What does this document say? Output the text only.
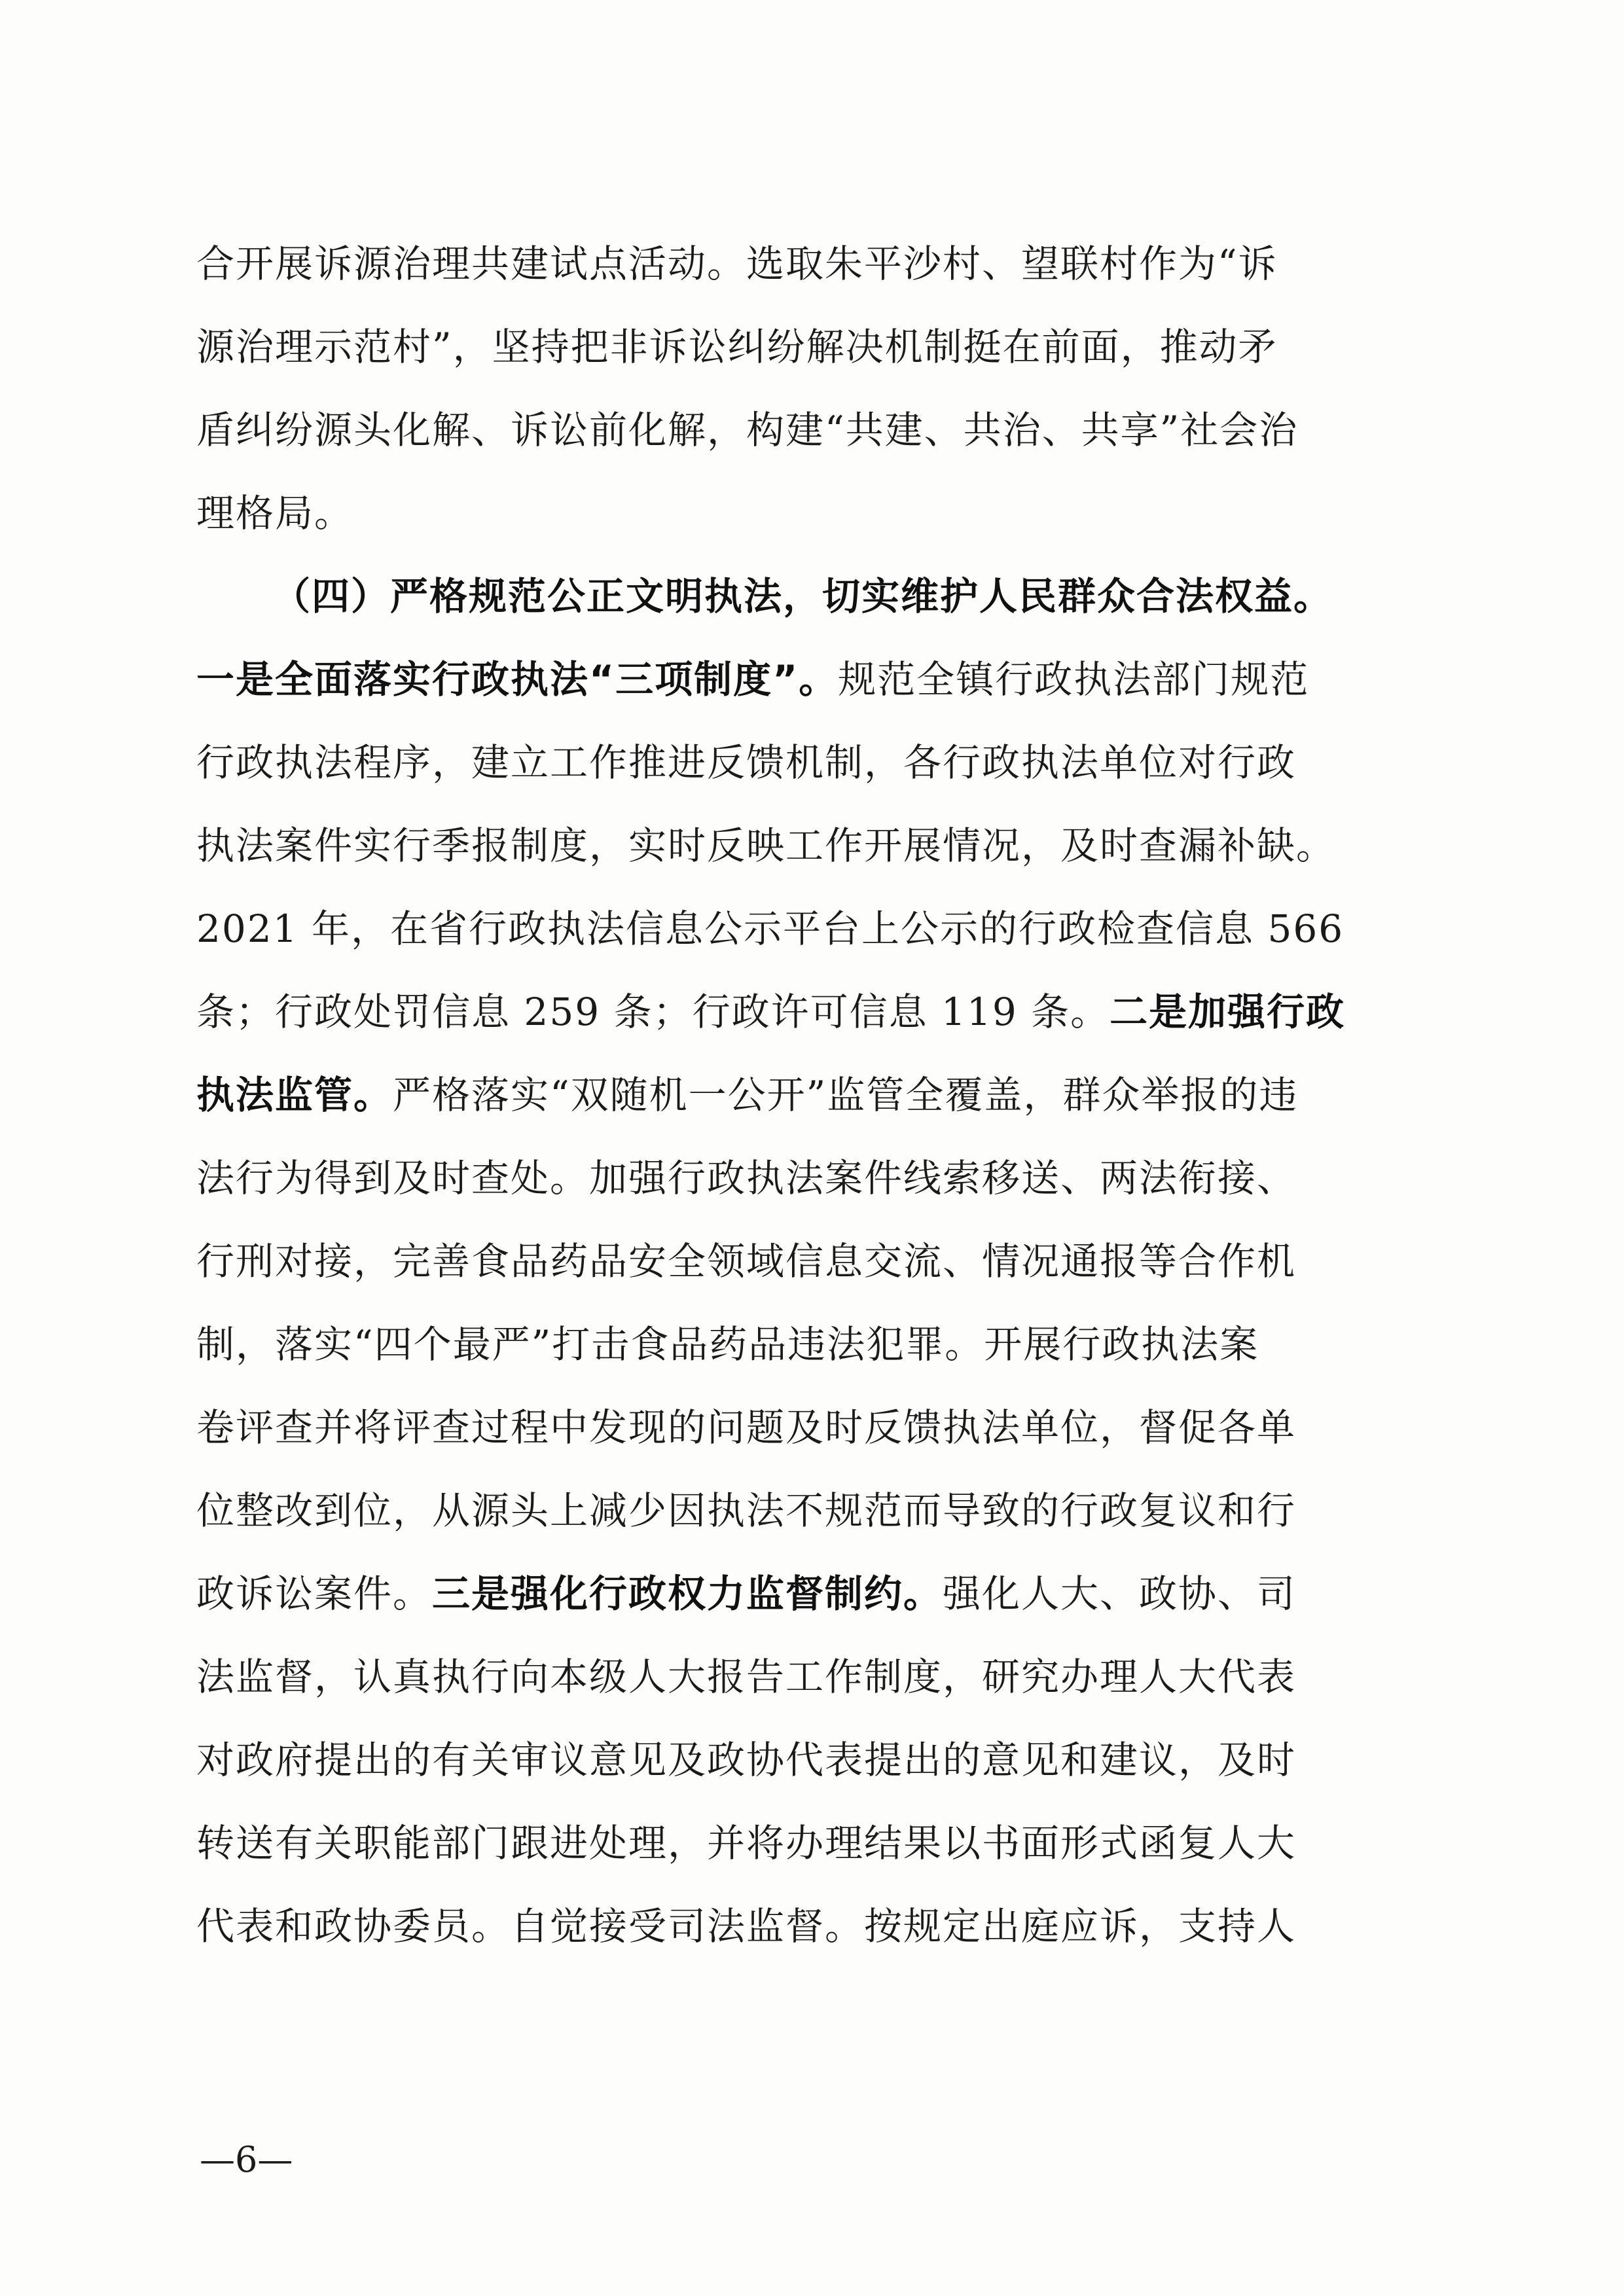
合开展诉源治理共建试点活动。选取朱平沙村、望联村作为“诉
源治理示范村”，坚持把非诉讼纠纷解决机制挺在前面，推动矛
盾纠纷源头化解、诉讼前化解，构建“共建、共治、共享”社会治
理格局。
（四）严格规范公正文明执法，切实维护人民群众合法权益。
一是全面落实行政执法“三项制度”。规范全镇行政执法部门规范
行政执法程序，建立工作推进反馈机制，各行政执法单位对行政
执法案件实行季报制度，实时反映工作开展情况，及时查漏补缺。
2021 年，在省行政执法信息公示平台上公示的行政检查信息 566
条；行政处罚信息 259 条；行政许可信息 119 条。二是加强行政
执法监管。严格落实“双随机一公开”监管全覆盖，群众举报的违
法行为得到及时查处。加强行政执法案件线索移送、两法衔接、
行刑对接，完善食品药品安全领域信息交流、情况通报等合作机
制，落实“四个最严”打击食品药品违法犯罪。开展行政执法案
卷评查并将评查过程中发现的问题及时反馈执法单位，督促各单
位整改到位，从源头上减少因执法不规范而导致的行政复议和行
政诉讼案件。三是强化行政权力监督制约。强化人大、政协、司
法监督，认真执行向本级人大报告工作制度，研究办理人大代表
对政府提出的有关审议意见及政协代表提出的意见和建议，及时
转送有关职能部门跟进处理，并将办理结果以书面形式函复人大
代表和政协委员。自觉接受司法监督。按规定出庭应诉，支持人
—6—
